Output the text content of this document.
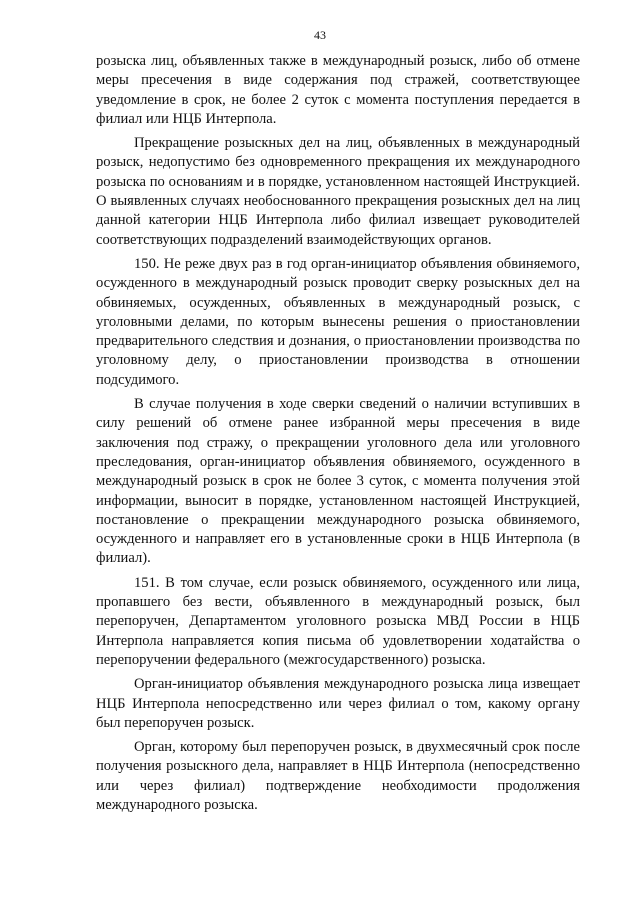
43

розыска лиц, объявленных также в международный розыск, либо об отмене меры пресечения в виде содержания под стражей, соответствующее уведомление в срок, не более 2 суток с момента поступления передается в филиал или НЦБ Интерпола.

Прекращение розыскных дел на лиц, объявленных в международный розыск, недопустимо без одновременного прекращения их международного розыска по основаниям и в порядке, установленном настоящей Инструкцией. О выявленных случаях необоснованного прекращения розыскных дел на лиц данной категории НЦБ Интерпола либо филиал извещает руководителей соответствующих подразделений взаимодействующих органов.

150. Не реже двух раз в год орган-инициатор объявления обвиняемого, осужденного в международный розыск проводит сверку розыскных дел на обвиняемых, осужденных, объявленных в международный розыск, с уголовными делами, по которым вынесены решения о приостановлении предварительного следствия и дознания, о приостановлении производства по уголовному делу, о приостановлении производства в отношении подсудимого.

В случае получения в ходе сверки сведений о наличии вступивших в силу решений об отмене ранее избранной меры пресечения в виде заключения под стражу, о прекращении уголовного дела или уголовного преследования, орган-инициатор объявления обвиняемого, осужденного в международный розыск в срок не более 3 суток, с момента получения этой информации, выносит в порядке, установленном настоящей Инструкцией, постановление о прекращении международного розыска обвиняемого, осужденного и направляет его в установленные сроки в НЦБ Интерпола (в филиал).

151. В том случае, если розыск обвиняемого, осужденного или лица, пропавшего без вести, объявленного в международный розыск, был перепоручен, Департаментом уголовного розыска МВД России в НЦБ Интерпола направляется копия письма об удовлетворении ходатайства о перепоручении федерального (межгосударственного) розыска.

Орган-инициатор объявления международного розыска лица извещает НЦБ Интерпола непосредственно или через филиал о том, какому органу был перепоручен розыск.

Орган, которому был перепоручен розыск, в двухмесячный срок после получения розыскного дела, направляет в НЦБ Интерпола (непосредственно или через филиал) подтверждение необходимости продолжения международного розыска.
